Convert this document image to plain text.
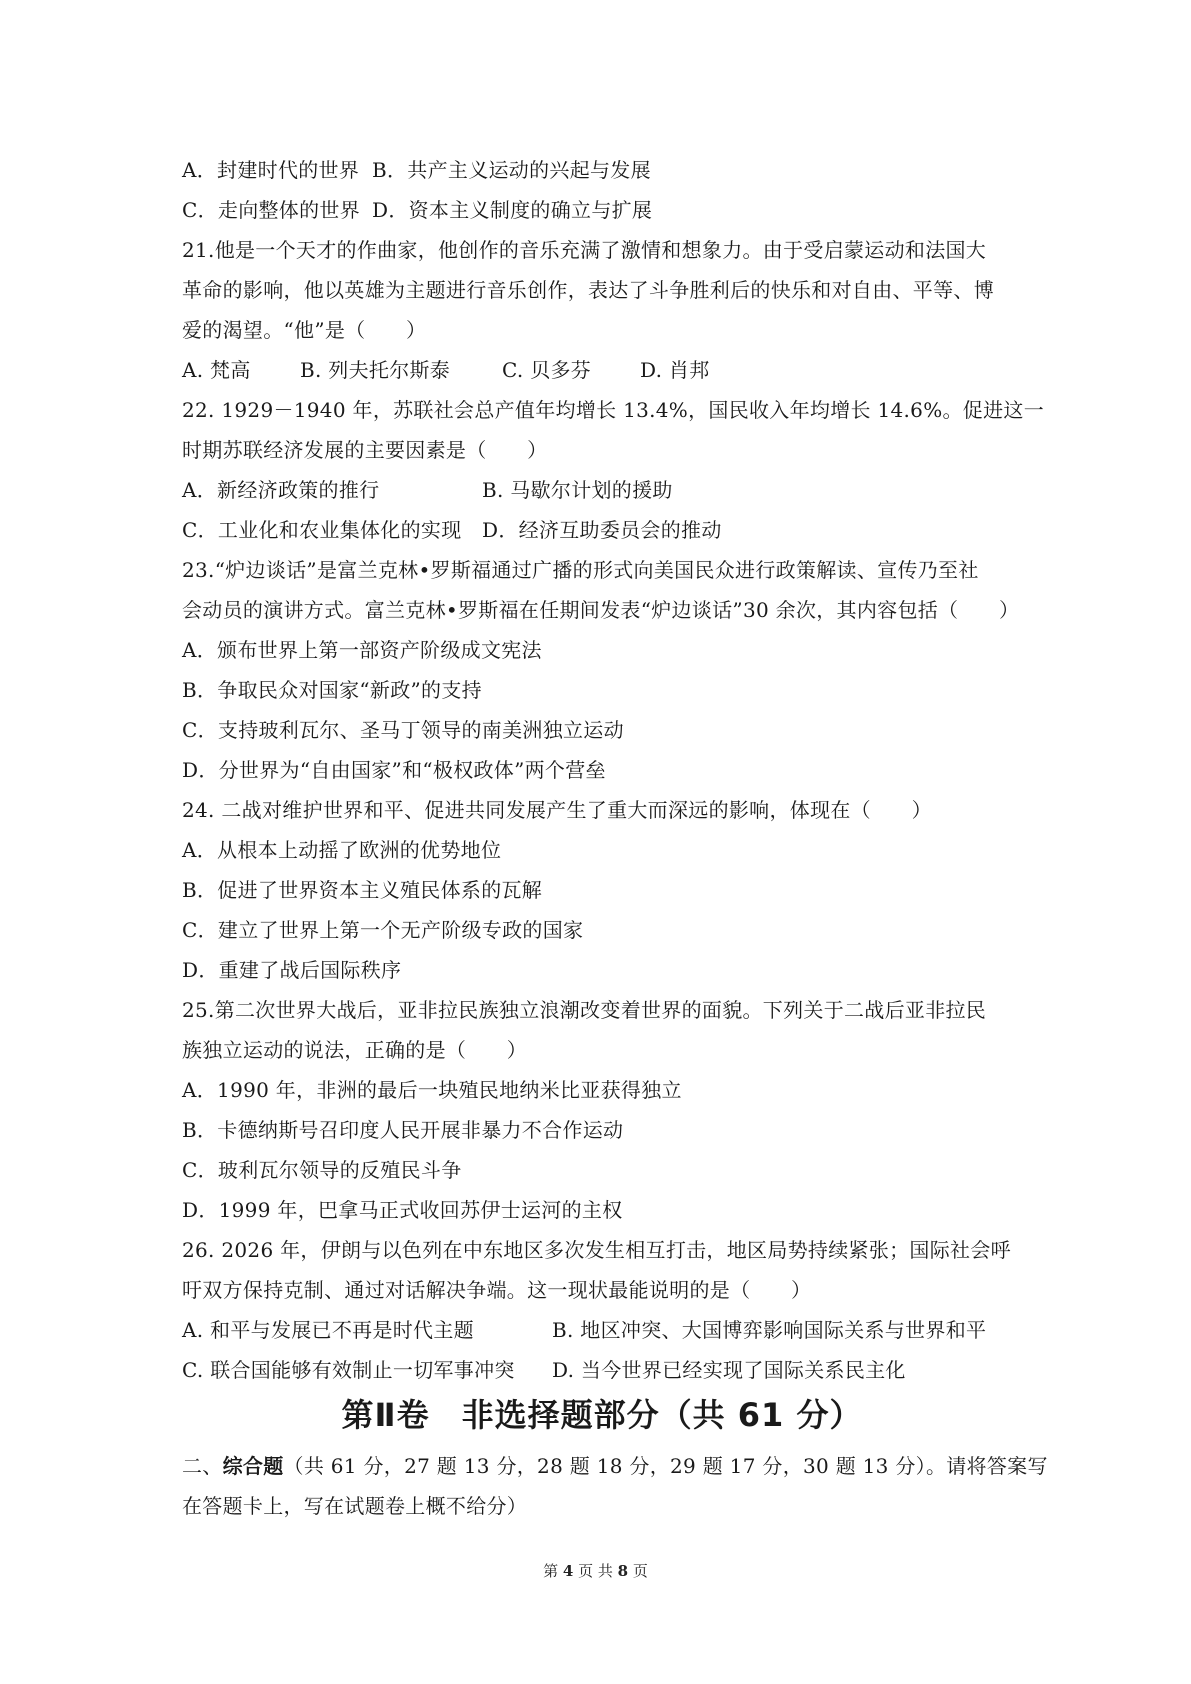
A．封建时代的世界 B．共产主义运动的兴起与发展
C．走向整体的世界 D．资本主义制度的确立与扩展
21.他是一个天才的作曲家，他创作的音乐充满了激情和想象力。由于受启蒙运动和法国大
革命的影响，他以英雄为主题进行音乐创作，表达了斗争胜利后的快乐和对自由、平等、博
爱的渴望。“他”是（　　）
A. 梵高	B. 列夫托尔斯泰	C. 贝多芬	D. 肖邦
22. 1929－1940 年，苏联社会总产值年均增长 13.4%，国民收入年均增长 14.6%。促进这一
时期苏联经济发展的主要因素是（　　）
A．新经济政策的推行	B. 马歇尔计划的援助
C．工业化和农业集体化的实现	D．经济互助委员会的推动
23.“炉边谈话”是富兰克林•罗斯福通过广播的形式向美国民众进行政策解读、宣传乃至社
会动员的演讲方式。富兰克林•罗斯福在任期间发表“炉边谈话”30 余次，其内容包括（　　）
A．颁布世界上第一部资产阶级成文宪法
B．争取民众对国家“新政”的支持
C．支持玻利瓦尔、圣马丁领导的南美洲独立运动
D．分世界为“自由国家”和“极权政体”两个营垒
24. 二战对维护世界和平、促进共同发展产生了重大而深远的影响，体现在（　　）
A．从根本上动摇了欧洲的优势地位
B．促进了世界资本主义殖民体系的瓦解
C．建立了世界上第一个无产阶级专政的国家
D．重建了战后国际秩序
25.第二次世界大战后，亚非拉民族独立浪潮改变着世界的面貌。下列关于二战后亚非拉民
族独立运动的说法，正确的是（　　）
A．1990 年，非洲的最后一块殖民地纳米比亚获得独立
B．卡德纳斯号召印度人民开展非暴力不合作运动
C．玻利瓦尔领导的反殖民斗争
D．1999 年，巴拿马正式收回苏伊士运河的主权
26. 2026 年，伊朗与以色列在中东地区多次发生相互打击，地区局势持续紧张；国际社会呼
吁双方保持克制、通过对话解决争端。这一现状最能说明的是（　　）
A. 和平与发展已不再是时代主题	B. 地区冲突、大国博弈影响国际关系与世界和平
C. 联合国能够有效制止一切军事冲突	D. 当今世界已经实现了国际关系民主化
第Ⅱ卷 非选择题部分（共 61 分）
二、综合题（共 61 分，27 题 13 分，28 题 18 分，29 题 17 分，30 题 13 分）。请将答案写
在答题卡上，写在试题卷上概不给分）
第 4 页 共 8 页
